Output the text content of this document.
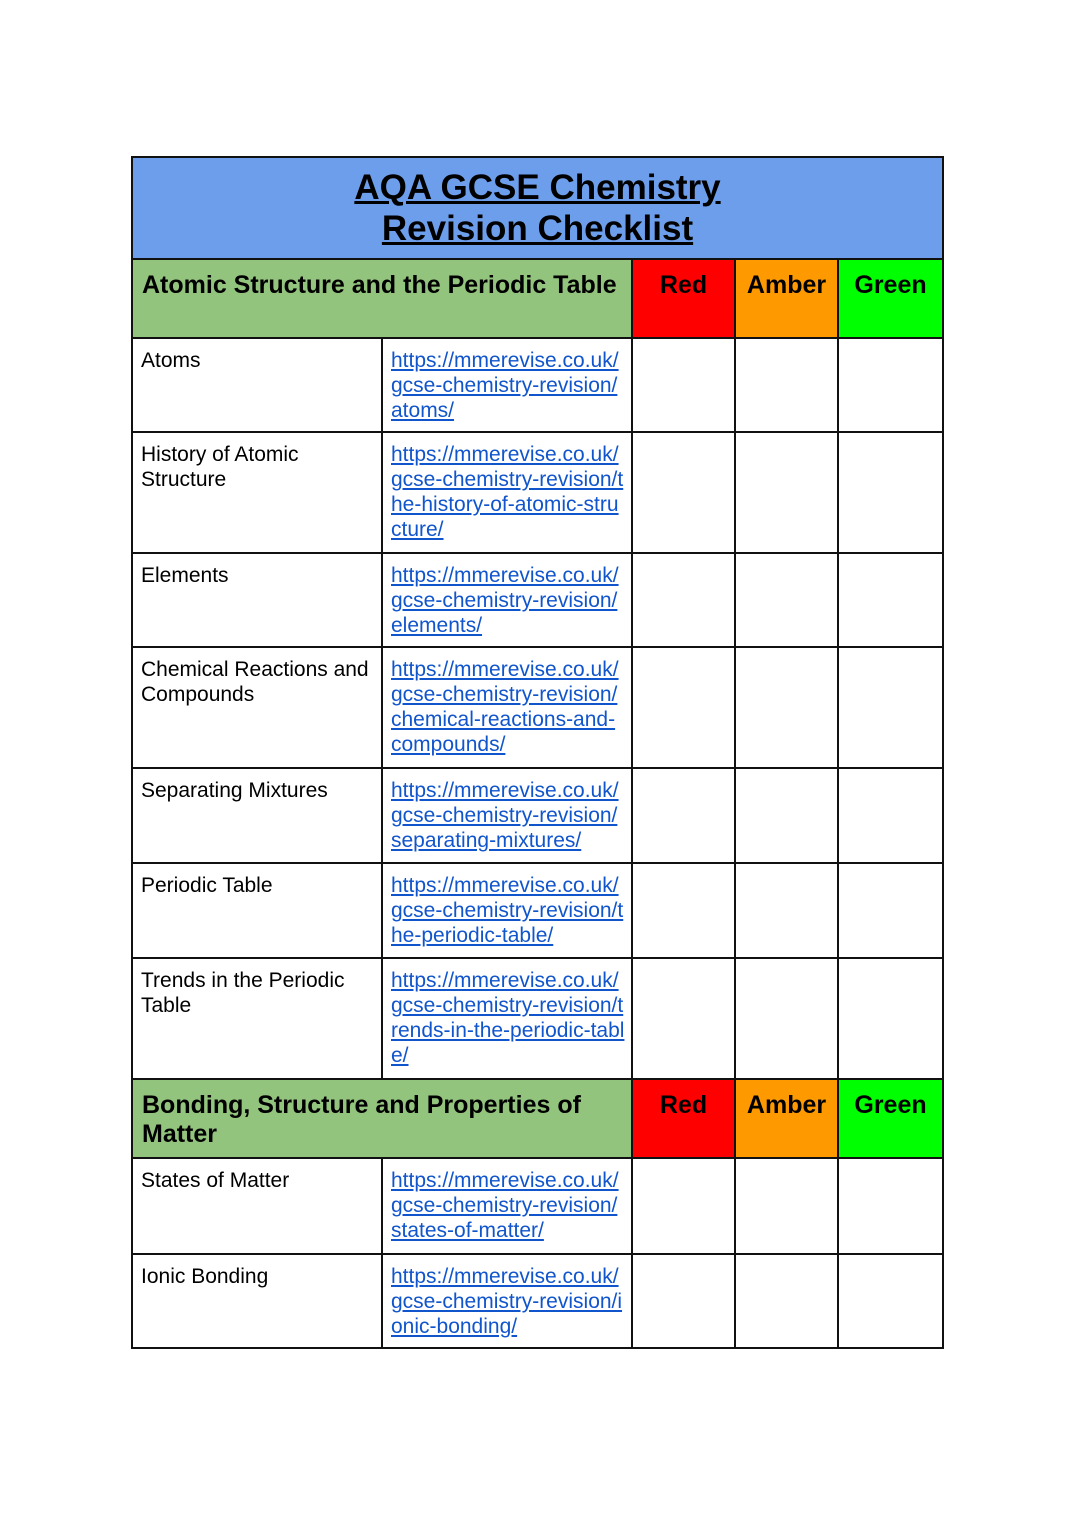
AQA GCSE Chemistry
Revision Checklist				

Atomic Structure and the Periodic Table		Red	Amber	Green
Atoms	https://mmerevise.co.uk/gcse-chemistry-revision/atoms/			

History of Atomic Structure	https://mmerevise.co.uk/gcse-chemistry-revision/the-history-of-atomic-structure/			

Elements	https://mmerevise.co.uk/gcse-chemistry-revision/elements/			

Chemical Reactions and Compounds	https://mmerevise.co.uk/gcse-chemistry-revision/chemical-reactions-and-compounds/			

Separating Mixtures	https://mmerevise.co.uk/gcse-chemistry-revision/separating-mixtures/			

Periodic Table	https://mmerevise.co.uk/gcse-chemistry-revision/the-periodic-table/			

Trends in the Periodic Table	https://mmerevise.co.uk/gcse-chemistry-revision/trends-in-the-periodic-table/			

Bonding, Structure and Properties of Matter		Red	Amber	Green
States of Matter	https://mmerevise.co.uk/gcse-chemistry-revision/states-of-matter/			

Ionic Bonding	https://mmerevise.co.uk/gcse-chemistry-revision/ionic-bonding/			
